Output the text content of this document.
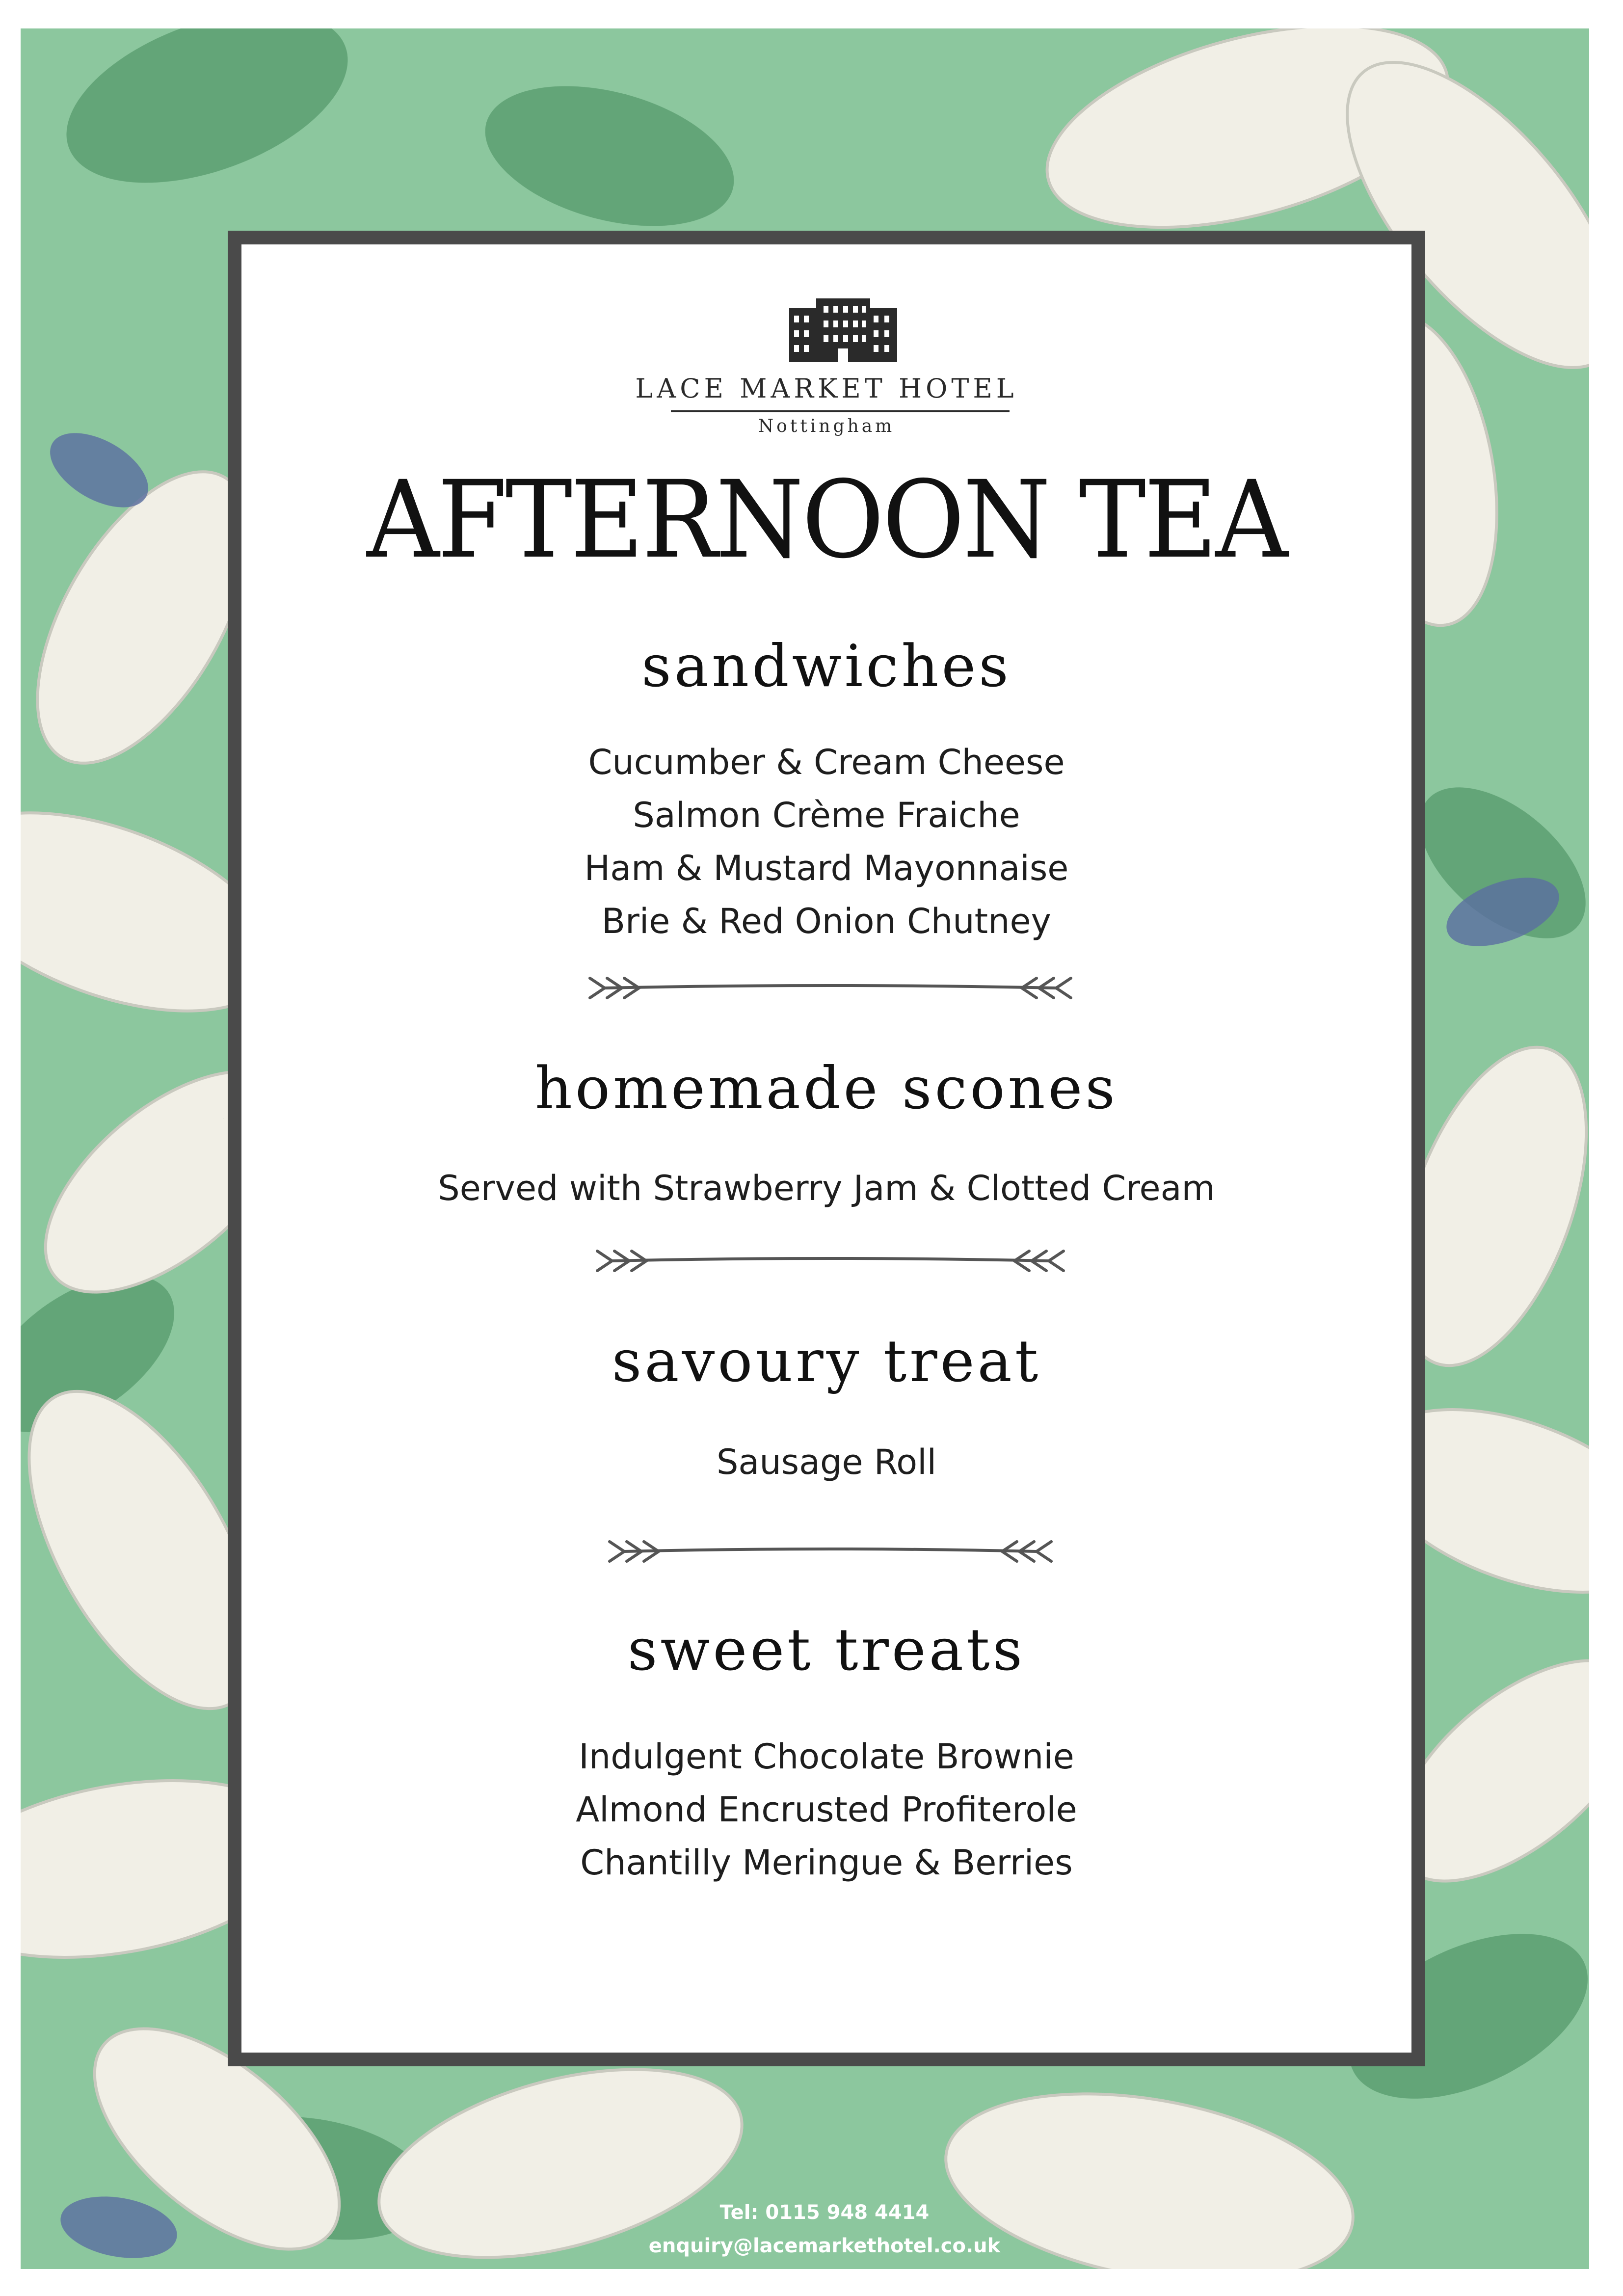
LACE MARKET HOTEL
Nottingham
AFTERNOON TEA
sandwiches
Cucumber & Cream Cheese
Salmon Crème Fraiche
Ham & Mustard Mayonnaise
Brie & Red Onion Chutney
homemade scones
Served with Strawberry Jam & Clotted Cream
savoury treat
Sausage Roll
sweet treats
Indulgent Chocolate Brownie
Almond Encrusted Profiterole
Chantilly Meringue & Berries
Tel: 0115 948 4414
enquiry@lacemarkethotel.co.uk
